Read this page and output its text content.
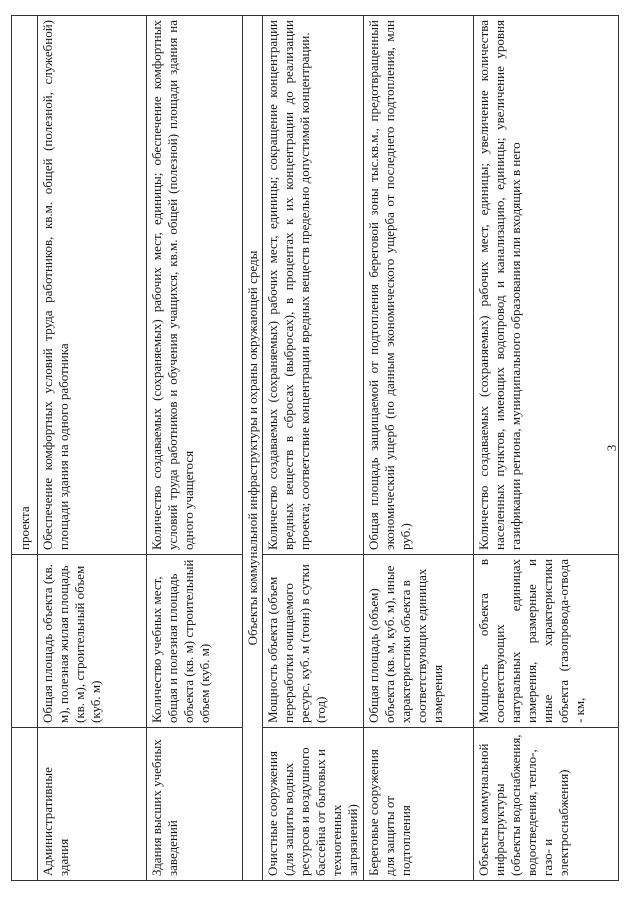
3
		проекта
Административные здания	Общая площадь объекта (кв. м), полезная жилая площадь (кв. м), строительный объем (куб. м)	Обеспечение комфортных условий труда работников, кв.м. общей (полезной, служебной) площади здания на одного работника
Здания высших учебных заведений	Количество учебных мест, общая и полезная площадь объекта (кв. м) строительный объем (куб. м)	Количество создаваемых (сохраняемых) рабочих мест, единицы; обеспечение комфортных условий труда работников и обучения учащихся, кв.м. общей (полезной) площади здания на одного учащегося
Объекты коммунальной инфраструктуры и охраны окружающей среды		
Очистные сооружения (для защиты водных ресурсов и воздушного бассейна от бытовых и техногенных загрязнений)	Мощность объекта (объем переработки очищаемого ресурс, куб. м (тонн) в сутки (год)	Количество создаваемых (сохраняемых) рабочих мест, единицы; сокращение концентрации вредных веществ в сбросах (выбросах), в процентах к их концентрации до реализации проекта; соответствие концентрации вредных веществ предельно допустимой концентрации.
Береговые сооружения для защиты от подтопления	Общая площадь (объем) объекта (кв. м, куб. м), иные характеристики объекта в соответствующих единицах измерения	Общая площадь защищаемой от подтопления береговой зоны тыс.кв.м., предотвращенный экономический ущерб (по данным экономического ущерба от последнего подтопления, млн руб.)
Объекты коммунальной инфраструктуры (объекты водоснабжения, водоотведения, тепло-, газо- и электроснабжения)	Мощность объекта в соответствующих натуральных единицах измерения, размерные и иные характеристики объекта (газопровода-отвода - км,	Количество создаваемых (сохраняемых) рабочих мест, единицы; увеличение количества населенных пунктов, имеющих водопровод и канализацию, единицы; увеличение уровня газификации региона, муниципального образования или входящих в него
